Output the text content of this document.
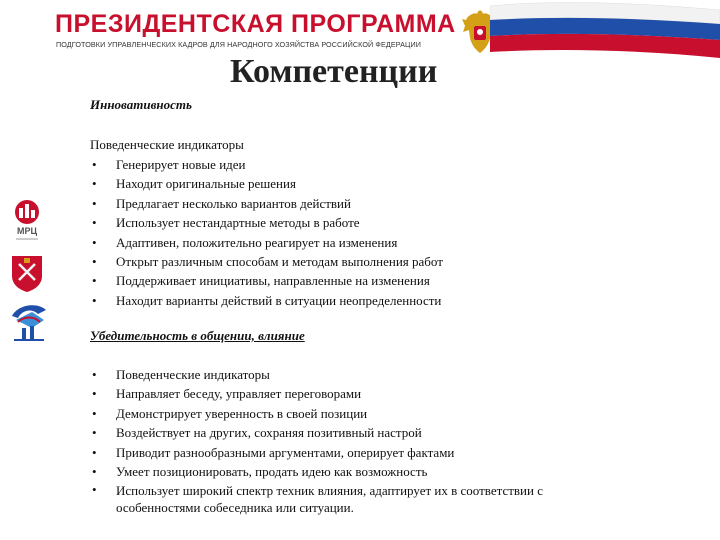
ПРЕЗИДЕНТСКАЯ ПРОГРАММА
ПОДГОТОВКИ УПРАВЛЕНЧЕСКИХ КАДРОВ ДЛЯ НАРОДНОГО ХОЗЯЙСТВА РОССИЙСКОЙ ФЕДЕРАЦИИ
Компетенции
МРЦ
Инновативность
Поведенческие индикаторы
• Генерирует новые идеи
• Находит оригинальные решения
• Предлагает несколько вариантов действий
• Использует нестандартные методы в работе
• Адаптивен, положительно реагирует на изменения
• Открыт различным способам и методам выполнения работ
• Поддерживает инициативы, направленные на изменения
• Находит варианты действий в ситуации неопределенности
Убедительность в общении, влияние
• Поведенческие индикаторы
• Направляет беседу, управляет переговорами
• Демонстрирует уверенность в своей позиции
• Воздействует на других, сохраняя позитивный настрой
• Приводит разнообразными аргументами, оперирует фактами
• Умеет позиционировать, продать идею как возможность
• Использует широкий спектр техник влияния, адаптирует их в соответствии с особенностями собеседника или ситуации.
